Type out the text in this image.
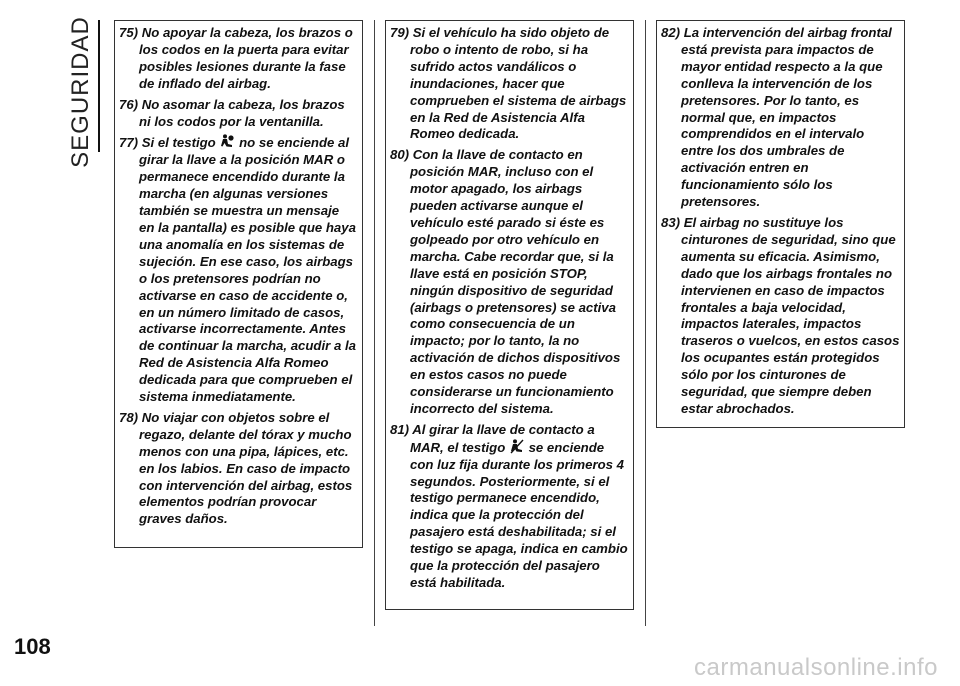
SEGURIDAD 75) No apoyar la cabeza, los brazos o los codos en la puerta para evitar posibles lesiones durante la fase de inflado del airbag.

76) No asomar la cabeza, los brazos ni los codos por la ventanilla.

77) Si el testigo no se enciende al girar la llave a la posición MAR o permanece encendido durante la marcha (en algunas versiones también se muestra un mensaje en la pantalla) es posible que haya una anomalía en los sistemas de sujeción. En ese caso, los airbags o los pretensores podrían no activarse en caso de accidente o, en un número limitado de casos, activarse incorrectamente. Antes de continuar la marcha, acudir a la Red de Asistencia Alfa Romeo dedicada para que comprueben el sistema inmediatamente.

78) No viajar con objetos sobre el regazo, delante del tórax y mucho menos con una pipa, lápices, etc. en los labios. En caso de impacto con intervención del airbag, estos elementos podrían provocar graves daños.

79) Si el vehículo ha sido objeto de robo o intento de robo, si ha sufrido actos vandálicos o inundaciones, hacer que comprueben el sistema de airbags en la Red de Asistencia Alfa Romeo dedicada.

80) Con la llave de contacto en posición MAR, incluso con el motor apagado, los airbags pueden activarse aunque el vehículo esté parado si éste es golpeado por otro vehículo en marcha. Cabe recordar que, si la llave está en posición STOP, ningún dispositivo de seguridad (airbags o pretensores) se activa como consecuencia de un impacto; por lo tanto, la no activación de dichos dispositivos en estos casos no puede considerarse un funcionamiento incorrecto del sistema.

81) Al girar la llave de contacto a MAR, el testigo se enciende con luz fija durante los primeros 4 segundos. Posteriormente, si el testigo permanece encendido, indica que la protección del pasajero está deshabilitada; si el testigo se apaga, indica en cambio que la protección del pasajero está habilitada.

82) La intervención del airbag frontal está prevista para impactos de mayor entidad respecto a la que conlleva la intervención de los pretensores. Por lo tanto, es normal que, en impactos comprendidos en el intervalo entre los dos umbrales de activación entren en funcionamiento sólo los pretensores.

83) El airbag no sustituye los cinturones de seguridad, sino que aumenta su eficacia. Asimismo, dado que los airbags frontales no intervienen en caso de impactos frontales a baja velocidad, impactos laterales, impactos traseros o vuelcos, en estos casos los ocupantes están protegidos sólo por los cinturones de seguridad, que siempre deben estar abrochados.

108
carmanualsonline.info
